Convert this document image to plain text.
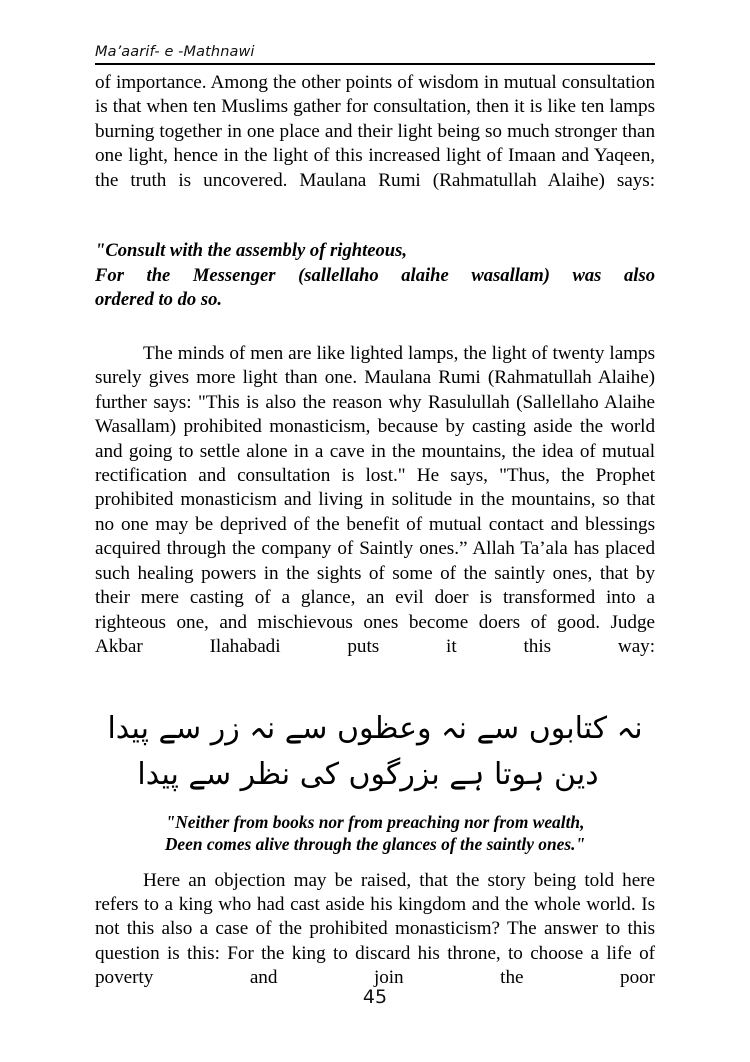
Ma’aarif- e -Mathnawi

of importance. Among the other points of wisdom in mutual consultation is that when ten Muslims gather for consultation, then it is like ten lamps burning together in one place and their light being so much stronger than one light, hence in the light of this increased light of Imaan and Yaqeen, the truth is uncovered. Maulana Rumi (Rahmatullah Alaihe) says:

"Consult with the assembly of righteous,
For the Messenger (sallellaho alaihe wasallam) was also
ordered to do so.

The minds of men are like lighted lamps, the light of twenty lamps surely gives more light than one. Maulana Rumi (Rahmatullah Alaihe) further says: "This is also the reason why Rasulullah (Sallellaho Alaihe Wasallam) prohibited monasticism, because by casting aside the world and going to settle alone in a cave in the mountains, the idea of mutual rectification and consultation is lost." He says, "Thus, the Prophet prohibited monasticism and living in solitude in the mountains, so that no one may be deprived of the benefit of mutual contact and blessings acquired through the company of Saintly ones.” Allah Ta’ala has placed such healing powers in the sights of some of the saintly ones, that by their mere casting of a glance, an evil doer is transformed into a righteous one, and mischievous ones become doers of good. Judge Akbar Ilahabadi puts it this way:

نہ کتابوں سے نہ وعظوں سے نہ زر سے پیدا
دین ہوتا ہے بزرگوں کی نظر سے پیدا
"Neither from books nor from preaching nor from wealth,
Deen comes alive through the glances of the saintly ones."

Here an objection may be raised, that the story being told here refers to a king who had cast aside his kingdom and the whole world. Is not this also a case of the prohibited monasticism? The answer to this question is this: For the king to discard his throne, to choose a life of poverty and join the poor

45
